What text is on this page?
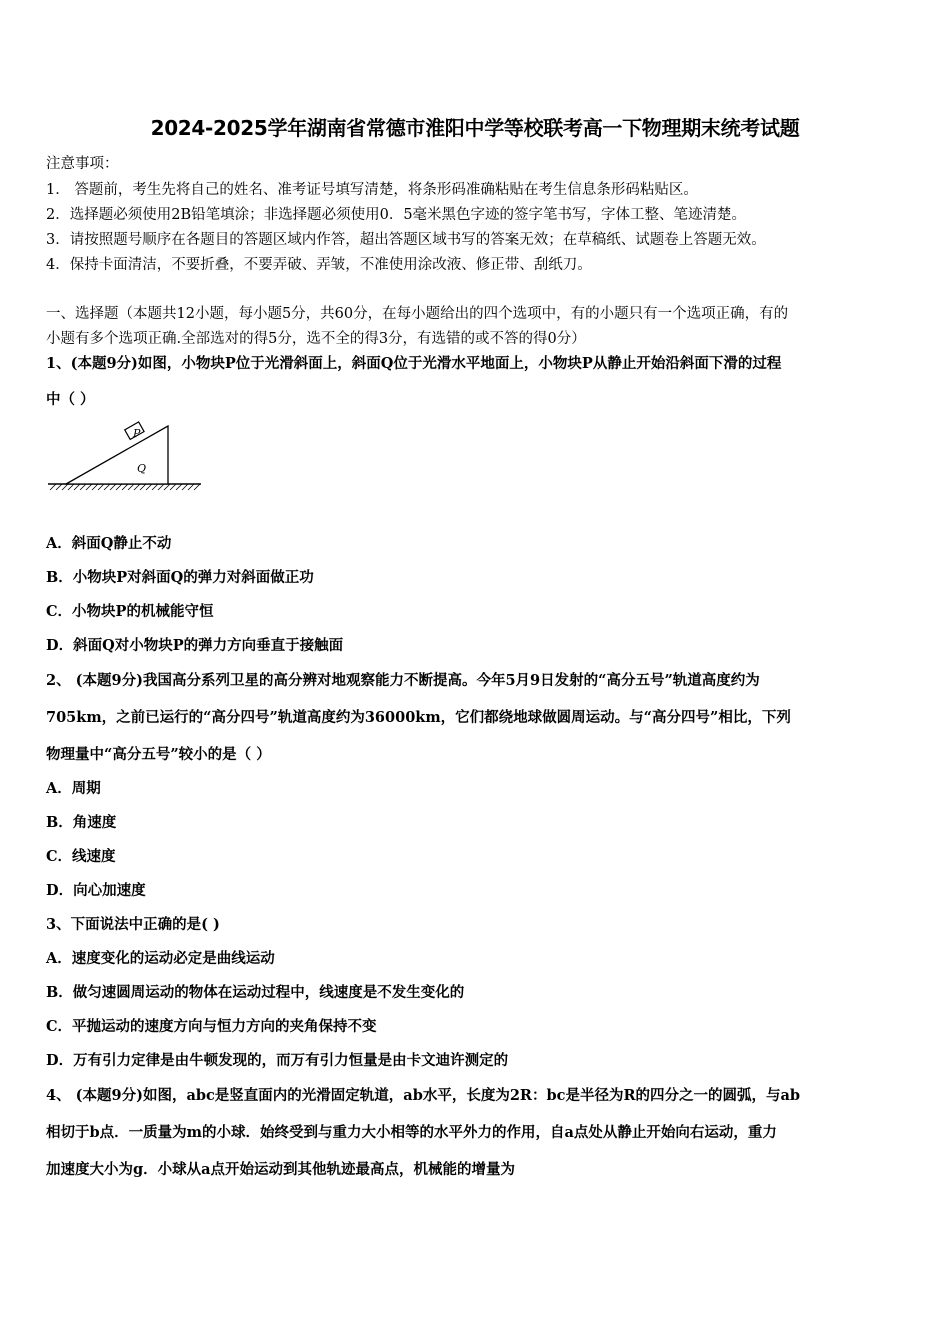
2024-2025学年湖南省常德市淮阳中学等校联考高一下物理期末统考试题
注意事项：
1． 答题前，考生先将自己的姓名、准考证号填写清楚，将条形码准确粘贴在考生信息条形码粘贴区。
2．选择题必须使用2B铅笔填涂；非选择题必须使用0．5毫米黑色字迹的签字笔书写，字体工整、笔迹清楚。
3．请按照题号顺序在各题目的答题区域内作答，超出答题区域书写的答案无效；在草稿纸、试题卷上答题无效。
4．保持卡面清洁，不要折叠，不要弄破、弄皱，不准使用涂改液、修正带、刮纸刀。
一、选择题（本题共12小题，每小题5分，共60分，在每小题给出的四个选项中，有的小题只有一个选项正确，有的
小题有多个选项正确.全部选对的得5分，选不全的得3分，有选错的或不答的得0分）
1、(本题9分)如图，小物块P位于光滑斜面上，斜面Q位于光滑水平地面上，小物块P从静止开始沿斜面下滑的过程
中（ ）
P
Q
A．斜面Q静止不动
B．小物块P对斜面Q的弹力对斜面做正功
C．小物块P的机械能守恒
D．斜面Q对小物块P的弹力方向垂直于接触面
2、 (本题9分)我国高分系列卫星的高分辨对地观察能力不断提高。今年5月9日发射的“高分五号”轨道高度约为
705km，之前已运行的“高分四号”轨道高度约为36000km，它们都绕地球做圆周运动。与“高分四号”相比，下列
物理量中“高分五号”较小的是（ ）
A．周期
B．角速度
C．线速度
D．向心加速度
3、下面说法中正确的是( )
A．速度变化的运动必定是曲线运动
B．做匀速圆周运动的物体在运动过程中，线速度是不发生变化的
C．平抛运动的速度方向与恒力方向的夹角保持不变
D．万有引力定律是由牛顿发现的，而万有引力恒量是由卡文迪许测定的
4、 (本题9分)如图，abc是竖直面内的光滑固定轨道，ab水平，长度为2R：bc是半径为R的四分之一的圆弧，与ab
相切于b点．一质量为m的小球．始终受到与重力大小相等的水平外力的作用，自a点处从静止开始向右运动，重力
加速度大小为g．小球从a点开始运动到其他轨迹最高点，机械能的增量为
